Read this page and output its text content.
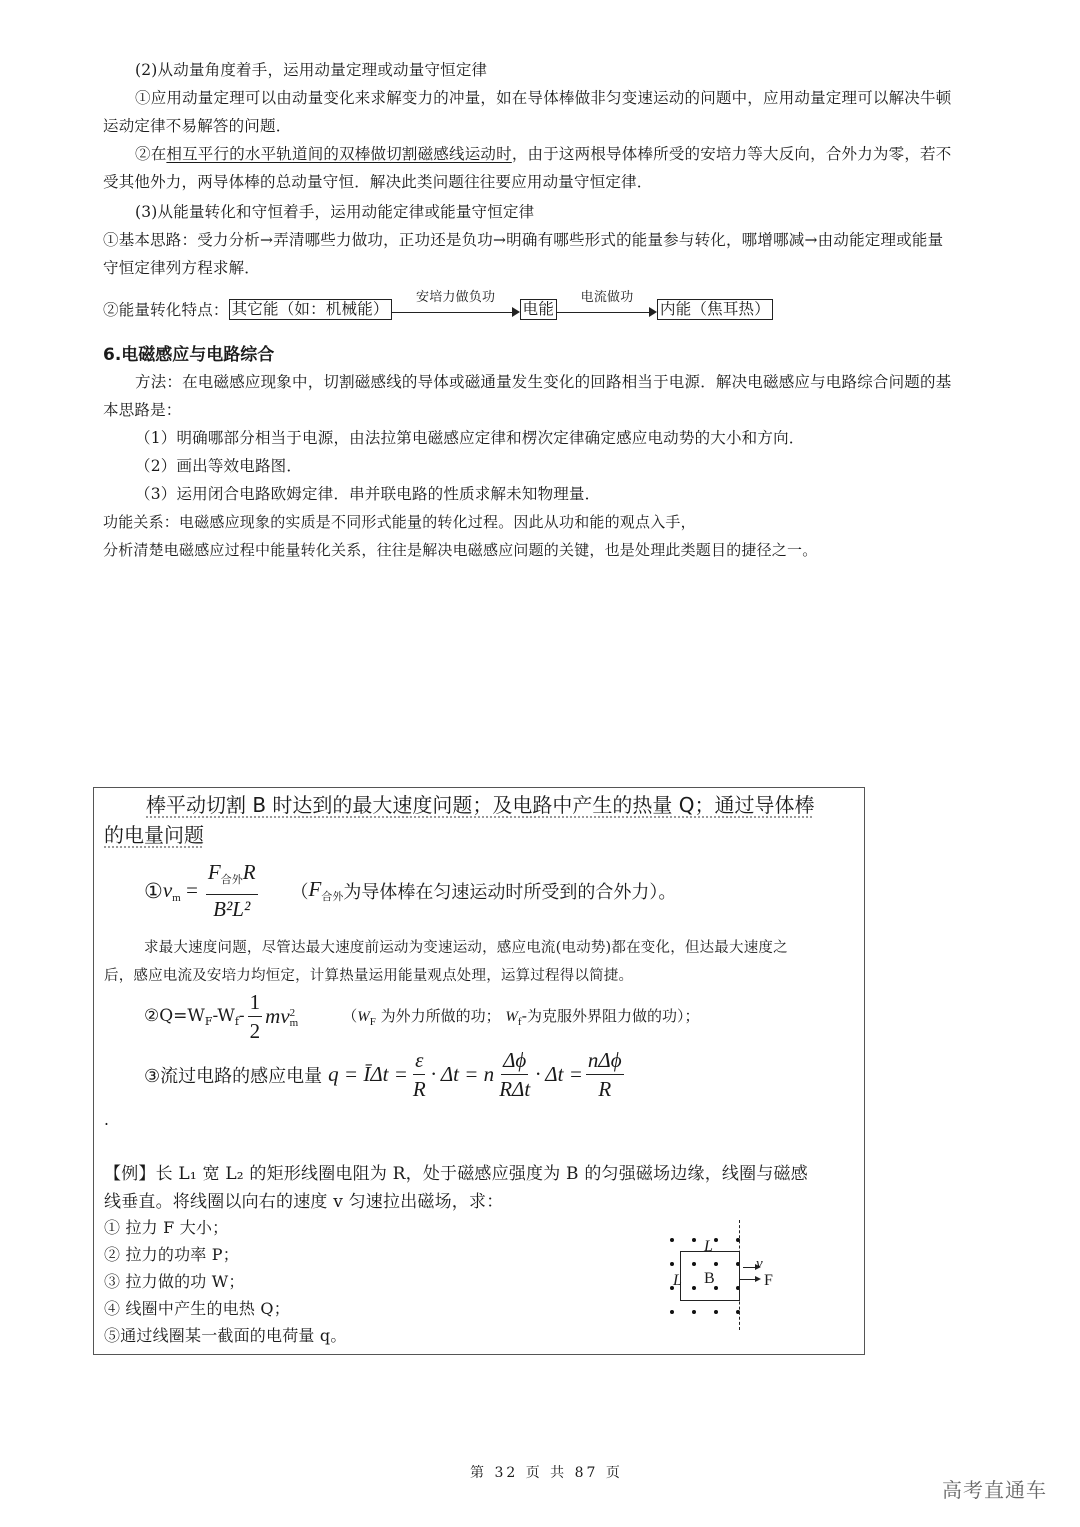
(2)从动量角度着手，运用动量定理或动量守恒定律
①应用动量定理可以由动量变化来求解变力的冲量，如在导体棒做非匀变速运动的问题中，应用动量定理可以解决牛顿
运动定律不易解答的问题．
②在相互平行的水平轨道间的双棒做切割磁感线运动时，由于这两根导体棒所受的安培力等大反向，合外力为零，若不
受其他外力，两导体棒的总动量守恒．解决此类问题往往要应用动量守恒定律．
(3)从能量转化和守恒着手，运用动能定律或能量守恒定律
①基本思路：受力分析→弄清哪些力做功，正功还是负功→明确有哪些形式的能量参与转化，哪增哪减→由动能定理或能量
守恒定律列方程求解．
②能量转化特点： 其它能（如：机械能）
安培力做负功
电能
电流做功
内能（焦耳热）
6.电磁感应与电路综合
方法：在电磁感应现象中，切割磁感线的导体或磁通量发生变化的回路相当于电源．解决电磁感应与电路综合问题的基
本思路是：
（1）明确哪部分相当于电源，由法拉第电磁感应定律和楞次定律确定感应电动势的大小和方向．
（2）画出等效电路图．
（3）运用闭合电路欧姆定律．串并联电路的性质求解未知物理量．
功能关系：电磁感应现象的实质是不同形式能量的转化过程。因此从功和能的观点入手，
分析清楚电磁感应过程中能量转化关系，往往是解决电磁感应问题的关键，也是处理此类题目的捷径之一。
棒平动切割 B 时达到的最大速度问题；及电路中产生的热量 Q；通过导体棒
的电量问题
① $v_m = \frac{F_{合外}R}{\text{B²L²}}$ （ $F_{合外}$ 为导体棒在匀速运动时所受到的合外力）。
求最大速度问题，尽管达最大速度前运动为变速运动，感应电流(电动势)都在变化，但达最大速度之
后，感应电流及安培力均恒定，计算热量运用能量观点处理，运算过程得以简捷。
$②Q=W_F-W_f- \frac{1}{2}$ mv 2
m	（$W_F$ 为外力所做的功； $W_f-$为克服外界阻力做的功）；
③流过电路的感应电量 q = ĪΔt = $\frac{\varepsilon}{R} \cdot \Delta t = n \frac{\Delta\phi}{\text{RΔt}} \cdot \Delta t = \frac{\text{nΔϕ}}{R}$
.
【例】长 L₁ 宽 L₂ 的矩形线圈电阻为 R，处于磁感应强度为 B 的匀强磁场边缘，线圈与磁感
线垂直。将线圈以向右的速度 v 匀速拉出磁场，求：
① 拉力 F 大小；
② 拉力的功率 P；
③ 拉力做的功 W；
④ 线圈中产生的电热 Q；
⑤通过线圈某一截面的电荷量 q。
L
L B
v
F
第 32 页 共 87 页
高考直通车
